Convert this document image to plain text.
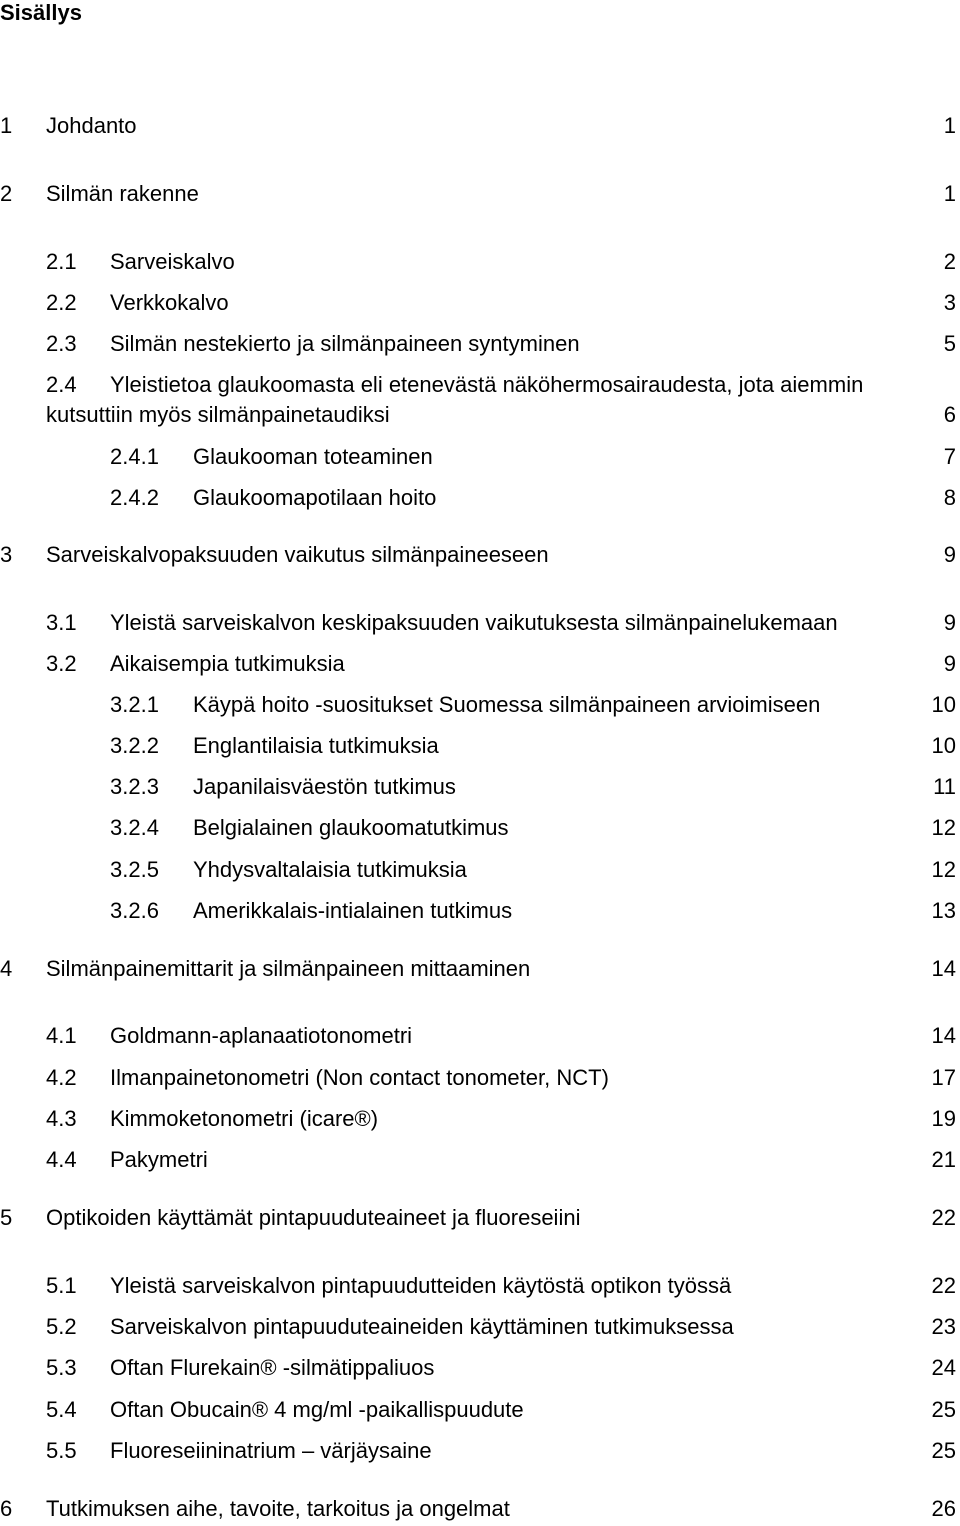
Sisällys
1 Johdanto	1
2 Silmän rakenne	1
2.1 Sarveiskalvo	2
2.2 Verkkokalvo	3
2.3 Silmän nestekierto ja silmänpaineen syntyminen	5
2.4 Yleistietoa glaukoomasta eli etenevästä näköhermosairaudesta, jota aiemmin
kutsuttiin myös silmänpainetaudiksi	6
2.4.1 Glaukooman toteaminen	7
2.4.2 Glaukoomapotilaan hoito	8
3 Sarveiskalvopaksuuden vaikutus silmänpaineeseen	9
3.1 Yleistä sarveiskalvon keskipaksuuden vaikutuksesta silmänpainelukemaan	9
3.2 Aikaisempia tutkimuksia	9
3.2.1 Käypä hoito -suositukset Suomessa silmänpaineen arvioimiseen	10
3.2.2 Englantilaisia tutkimuksia	10
3.2.3 Japanilaisväestön tutkimus	11
3.2.4 Belgialainen glaukoomatutkimus	12
3.2.5 Yhdysvaltalaisia tutkimuksia	12
3.2.6 Amerikkalais-intialainen tutkimus	13
4 Silmänpainemittarit ja silmänpaineen mittaaminen	14
4.1 Goldmann-aplanaatiotonometri	14
4.2 Ilmanpainetonometri (Non contact tonometer, NCT)	17
4.3 Kimmoketonometri (icare®)	19
4.4 Pakymetri	21
5 Optikoiden käyttämät pintapuuduteaineet ja fluoreseiini	22
5.1 Yleistä sarveiskalvon pintapuudutteiden käytöstä optikon työssä	22
5.2 Sarveiskalvon pintapuuduteaineiden käyttäminen tutkimuksessa	23
5.3 Oftan Flurekain® -silmätippaliuos	24
5.4 Oftan Obucain® 4 mg/ml -paikallispuudute	25
5.5 Fluoreseiininatrium – värjäysaine	25
6 Tutkimuksen aihe, tavoite, tarkoitus ja ongelmat	26
